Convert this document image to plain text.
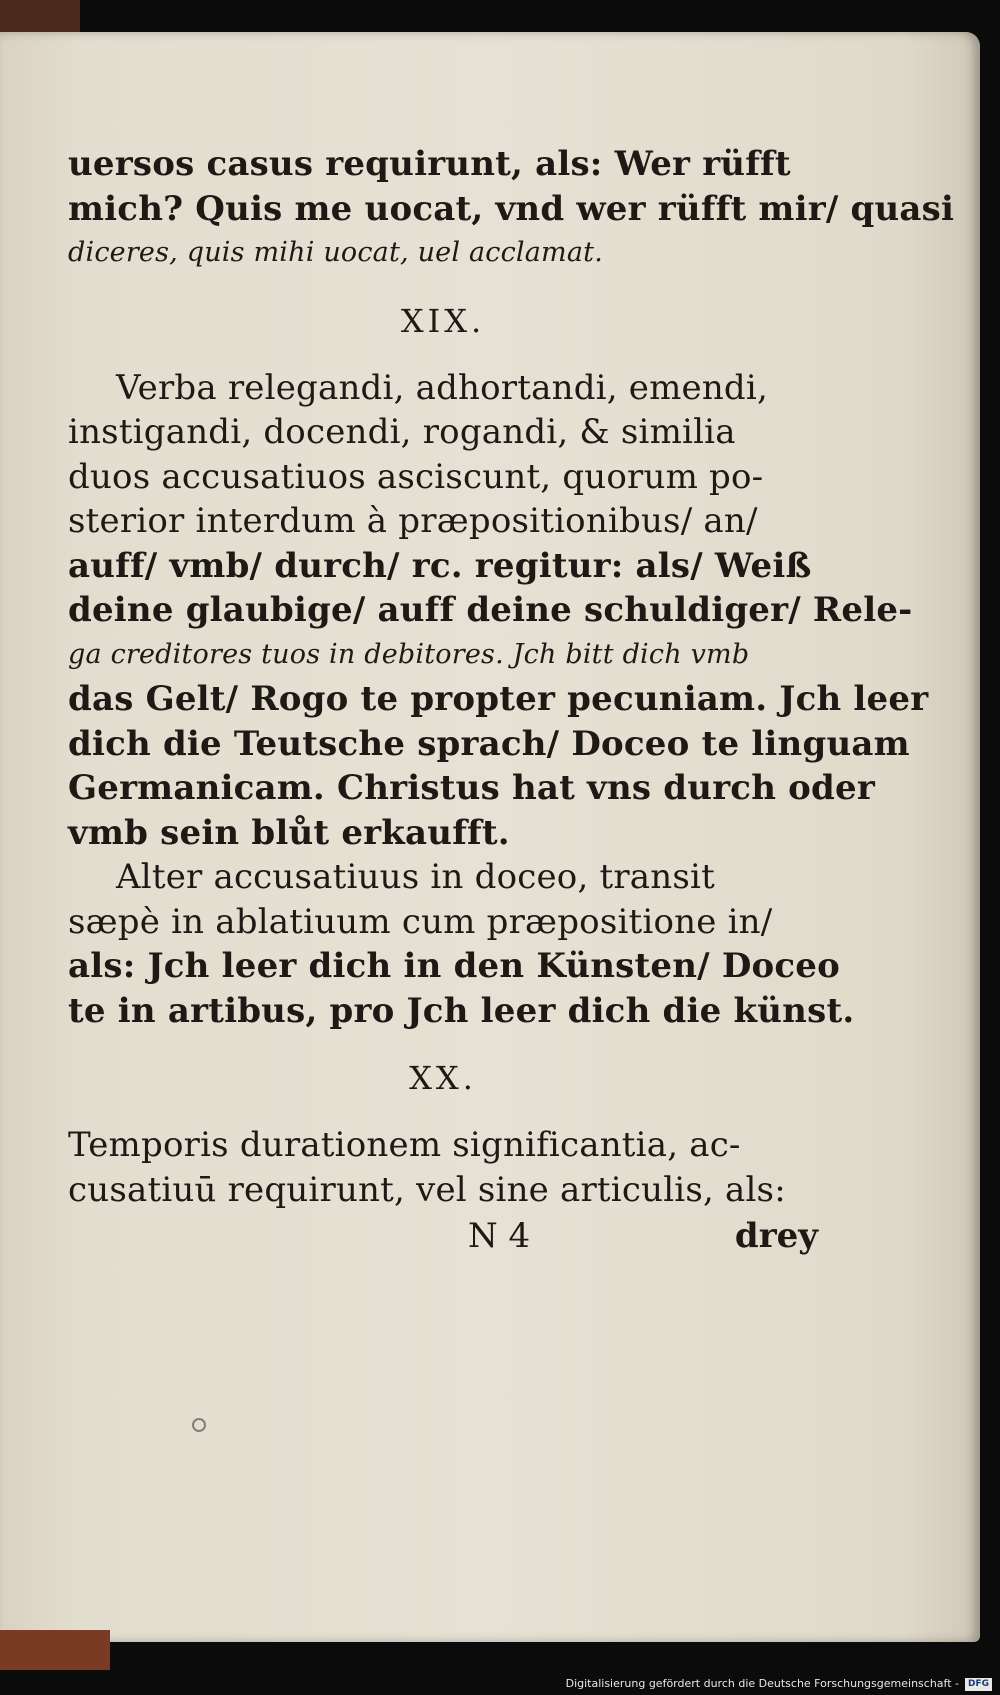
uersos casus requirunt, als: Wer rüfft
mich? Quis me uocat, vnd wer rüfft mir/ quasi
diceres, quis mihi uocat, uel acclamat.
XIX.
Verba relegandi, adhortandi, emendi,
instigandi, docendi, rogandi, & similia
duos accusatiuos asciscunt, quorum po-
sterior interdum à præpositionibus/ an/
auff/ vmb/ durch/ rc. regitur: als/ Weiß
deine glaubige/ auff deine schuldiger/ Rele-
ga creditores tuos in debitores. Jch bitt dich vmb
das Gelt/ Rogo te propter pecuniam. Jch leer
dich die Teutsche sprach/ Doceo te linguam
Germanicam. Christus hat vns durch oder
vmb sein blůt erkaufft.
Alter accusatiuus in doceo, transit
sæpè in ablatiuum cum præpositione in/
als: Jch leer dich in den Künsten/ Doceo
te in artibus, pro Jch leer dich die künst.
XX.
Temporis durationem significantia, ac-
cusatiuū requirunt, vel sine articulis, als:
N 4	drey
Digitalisierung gefördert durch die Deutsche Forschungsgemeinschaft -	DFG
